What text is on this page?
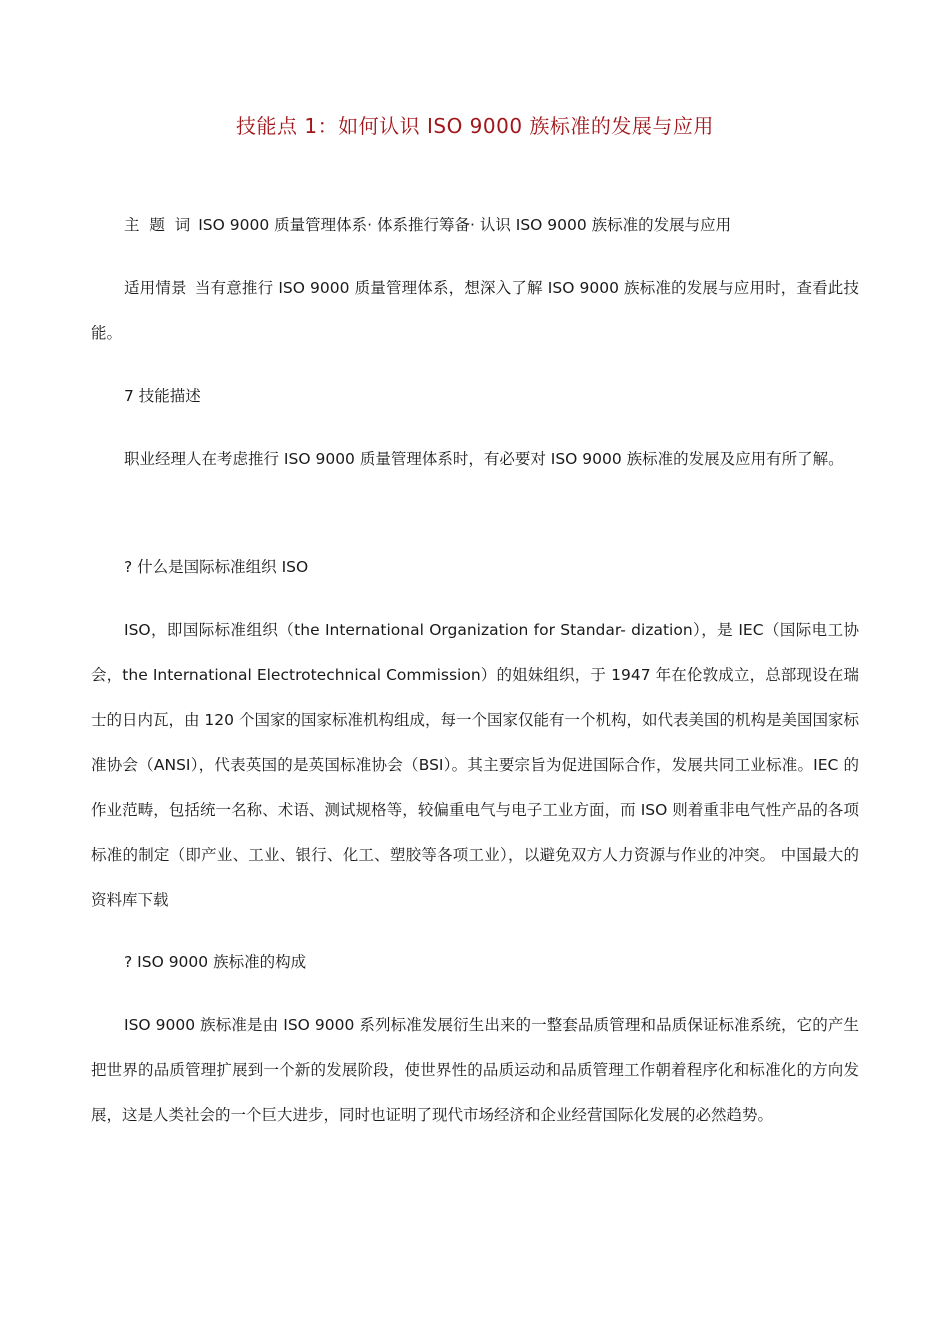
技能点 1：如何认识 ISO 9000 族标准的发展与应用

主  题  词 ISO 9000 质量管理体系· 体系推行筹备· 认识 ISO 9000 族标准的发展与应用

适用情景 当有意推行 ISO 9000 质量管理体系，想深入了解 ISO 9000 族标准的发展与应用时，查看此技能。

7 技能描述

职业经理人在考虑推行 ISO 9000 质量管理体系时，有必要对 ISO 9000 族标准的发展及应用有所了解。

? 什么是国际标准组织 ISO

ISO，即国际标准组织（the International Organization for Standar- dization），是 IEC（国际电工协会，the International Electrotechnical Commission）的姐妹组织，于 1947 年在伦敦成立，总部现设在瑞士的日内瓦，由 120 个国家的国家标准机构组成，每一个国家仅能有一个机构，如代表美国的机构是美国国家标准协会（ANSI），代表英国的是英国标准协会（BSI）。其主要宗旨为促进国际合作，发展共同工业标准。IEC 的作业范畴，包括统一名称、术语、测试规格等，较偏重电气与电子工业方面，而 ISO 则着重非电气性产品的各项标准的制定（即产业、工业、银行、化工、塑胶等各项工业），以避免双方人力资源与作业的冲突。 中国最大的资料库下载

? ISO 9000 族标准的构成

ISO 9000 族标准是由 ISO 9000 系列标准发展衍生出来的一整套品质管理和品质保证标准系统，它的产生把世界的品质管理扩展到一个新的发展阶段，使世界性的品质运动和品质管理工作朝着程序化和标准化的方向发展，这是人类社会的一个巨大进步，同时也证明了现代市场经济和企业经营国际化发展的必然趋势。
